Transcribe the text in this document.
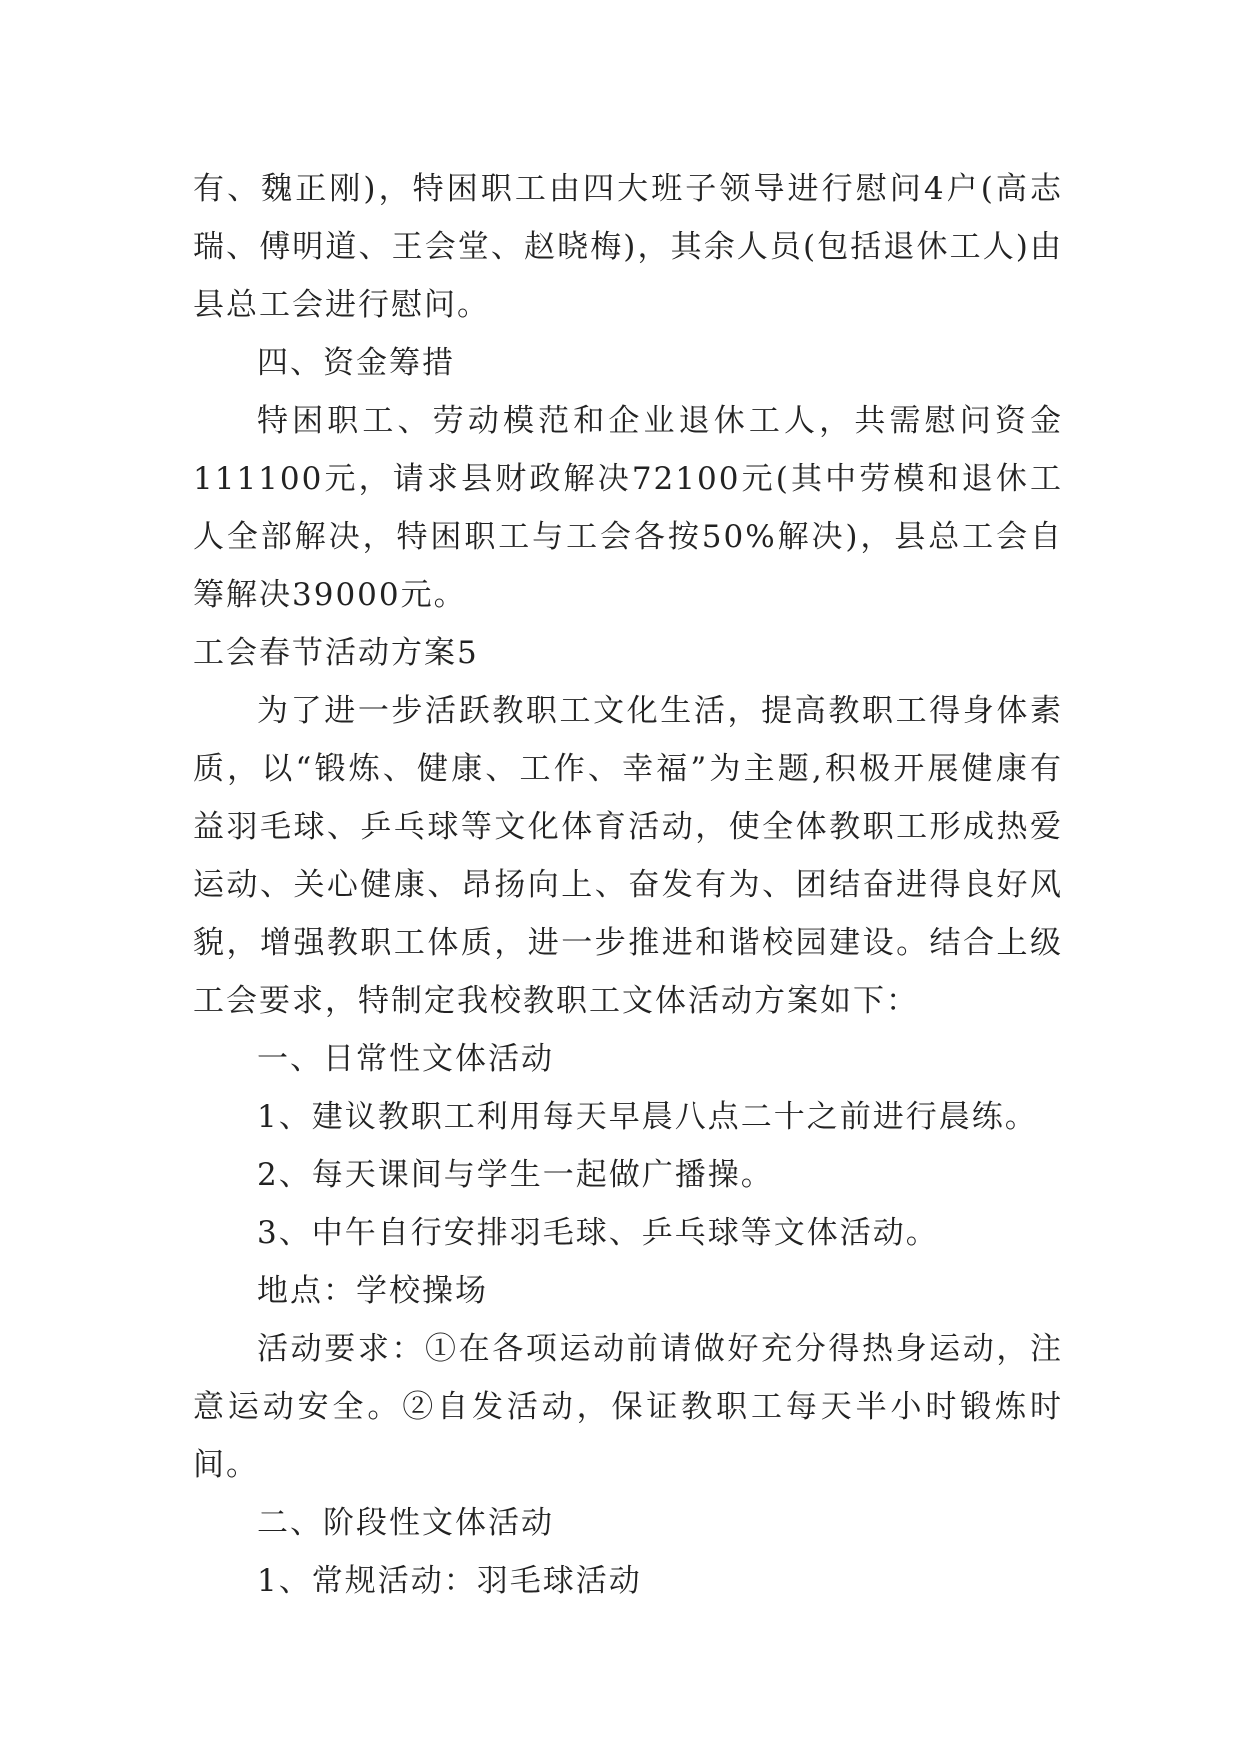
有、魏正刚)，特困职工由四大班子领导进行慰问4户(高志瑞、傅明道、王会堂、赵晓梅)，其余人员(包括退休工人)由县总工会进行慰问。

四、资金筹措

特困职工、劳动模范和企业退休工人，共需慰问资金111100元，请求县财政解决72100元(其中劳模和退休工人全部解决，特困职工与工会各按50%解决)，县总工会自筹解决39000元。

工会春节活动方案5

为了进一步活跃教职工文化生活，提高教职工得身体素质，以“锻炼、健康、工作、幸福”为主题,积极开展健康有益羽毛球、乒乓球等文化体育活动，使全体教职工形成热爱运动、关心健康、昂扬向上、奋发有为、团结奋进得良好风貌，增强教职工体质，进一步推进和谐校园建设。结合上级工会要求，特制定我校教职工文体活动方案如下：

一、日常性文体活动

1、建议教职工利用每天早晨八点二十之前进行晨练。

2、每天课间与学生一起做广播操。

3、中午自行安排羽毛球、乒乓球等文体活动。

地点：学校操场

活动要求：①在各项运动前请做好充分得热身运动，注意运动安全。②自发活动，保证教职工每天半小时锻炼时间。

二、阶段性文体活动

1、常规活动：羽毛球活动
